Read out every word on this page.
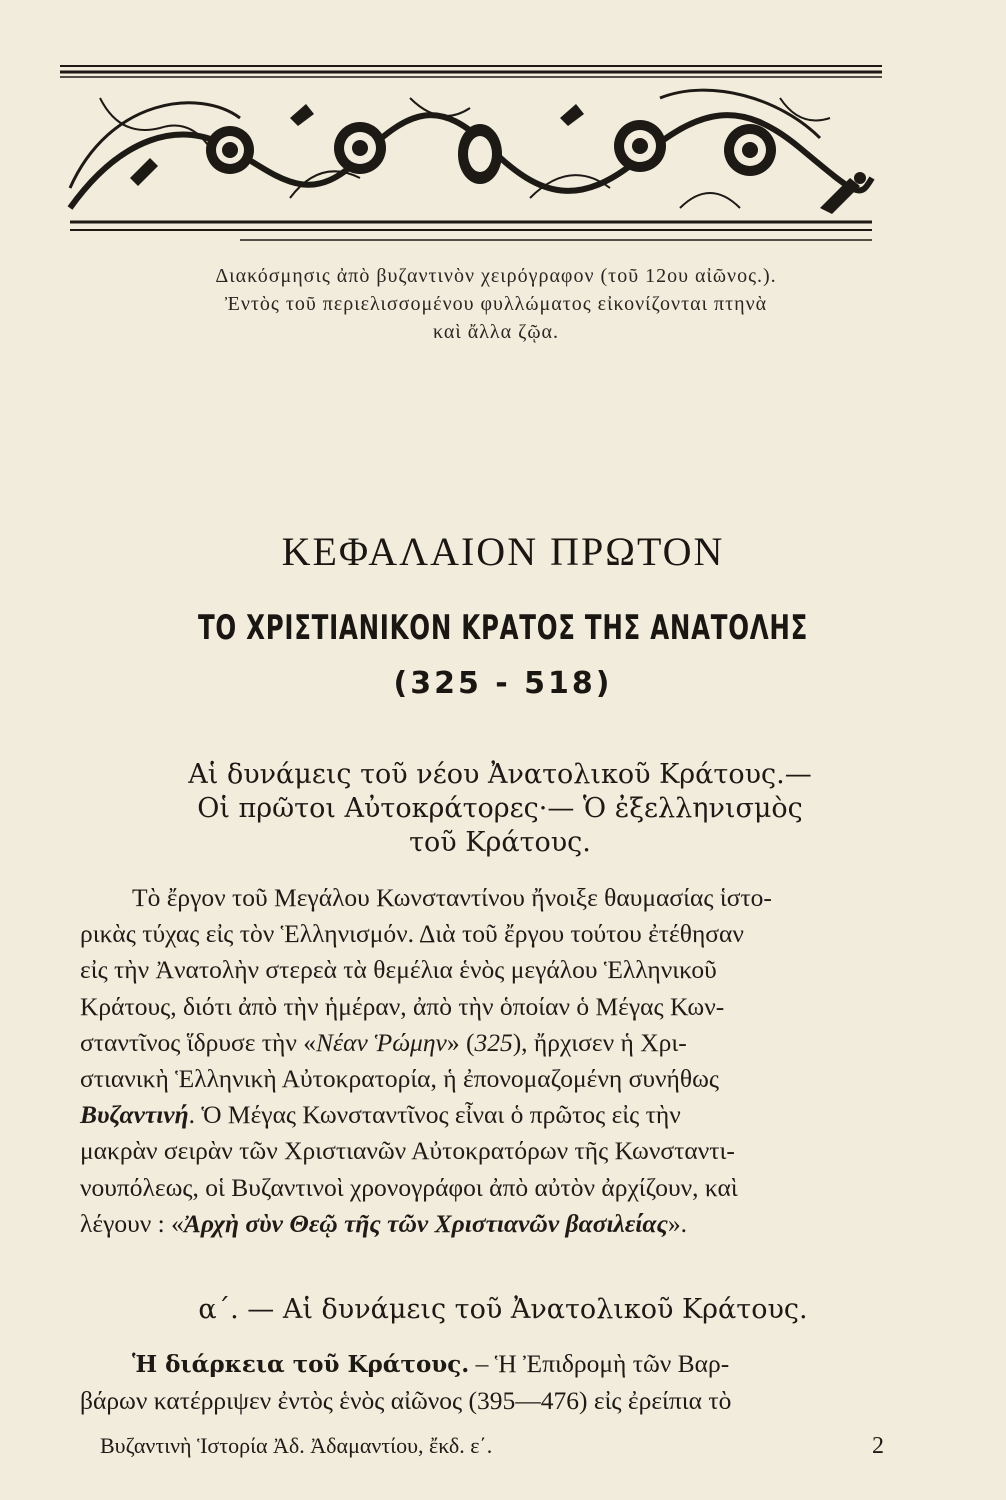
Διακόσμησις ἀπὸ βυζαντινὸν χειρόγραφον (τοῦ 12ου αἰῶνος.).
Ἐντὸς τοῦ περιελισσομένου φυλλώματος εἰκονίζονται πτηνὰ
καὶ ἄλλα ζῷα.
ΚΕΦΑΛΑΙΟΝ ΠΡΩΤΟΝ
ΤΟ ΧΡΙΣΤΙΑΝΙΚΟΝ ΚΡΑΤΟΣ ΤΗΣ ΑΝΑΤΟΛΗΣ
(325 - 518)
Αἱ δυνάμεις τοῦ νέου Ἀνατολικοῦ Κράτους.—
Οἱ πρῶτοι Αὐτοκράτορες·— Ὁ ἐξελληνισμὸς
τοῦ Κράτους.
Τὸ ἔργον τοῦ Μεγάλου Κωνσταντίνου ἤνοιξε θαυμασίας ἱστο-
ρικὰς τύχας εἰς τὸν Ἑλληνισμόν. Διὰ τοῦ ἔργου τούτου ἐτέθησαν
εἰς τὴν Ἀνατολὴν στερεὰ τὰ θεμέλια ἑνὸς μεγάλου Ἑλληνικοῦ
Κράτους, διότι ἀπὸ τὴν ἡμέραν, ἀπὸ τὴν ὁποίαν ὁ Μέγας Κων-
σταντῖνος ἵδρυσε τὴν «Νέαν Ῥώμην» (325), ἤρχισεν ἡ Χρι-
στιανικὴ Ἑλληνικὴ Αὐτοκρατορία, ἡ ἐπονομαζομένη συνήθως
Βυζαντινή. Ὁ Μέγας Κωνσταντῖνος εἶναι ὁ πρῶτος εἰς τὴν
μακρὰν σειρὰν τῶν Χριστιανῶν Αὐτοκρατόρων τῆς Κωνσταντι-
νουπόλεως, οἱ Βυζαντινοὶ χρονογράφοι ἀπὸ αὐτὸν ἀρχίζουν, καὶ
λέγουν : «Ἀρχὴ σὺν Θεῷ τῆς τῶν Χριστιανῶν βασιλείας».
α΄. — Αἱ δυνάμεις τοῦ Ἀνατολικοῦ Κράτους.
Ἡ διάρκεια τοῦ Κράτους. – Ἡ Ἐπιδρομὴ τῶν Βαρ-
βάρων κατέρριψεν ἐντὸς ἑνὸς αἰῶνος (395—476) εἰς ἐρείπια τὸ
Βυζαντινὴ Ἱστορία Ἀδ. Ἀδαμαντίου, ἔκδ. ε΄.	2
